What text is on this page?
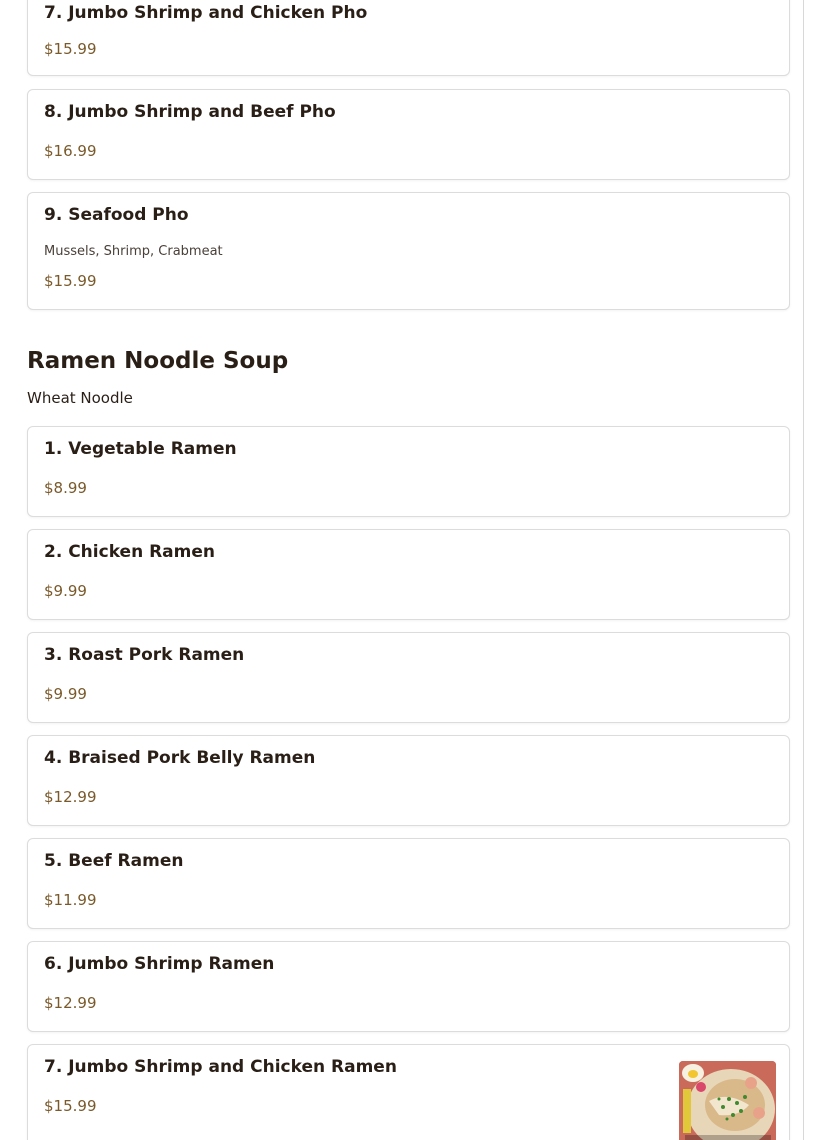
7. Jumbo Shrimp and Chicken Pho
$15.99
8. Jumbo Shrimp and Beef Pho
$16.99
9. Seafood Pho
Mussels, Shrimp, Crabmeat
$15.99
Ramen Noodle Soup
Wheat Noodle
1. Vegetable Ramen
$8.99
2. Chicken Ramen
$9.99
3. Roast Pork Ramen
$9.99
4. Braised Pork Belly Ramen
$12.99
5. Beef Ramen
$11.99
6. Jumbo Shrimp Ramen
$12.99
7. Jumbo Shrimp and Chicken Ramen
$15.99
